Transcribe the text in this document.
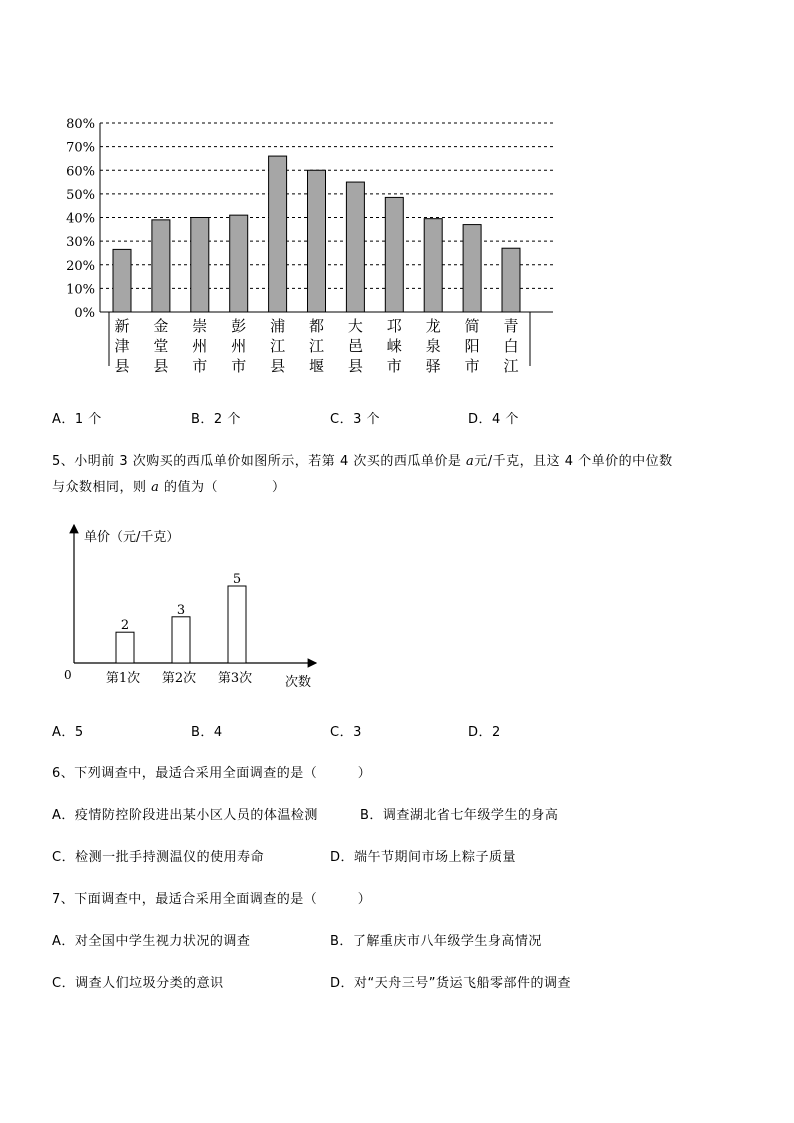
0%
10%
20%
30%
40%
50%
60%
70%
80%
新
津
县
金
堂
县
崇
州
市
彭
州
市
浦
江
县
都
江
堰
大
邑
县
邛
崃
市
龙
泉
驿
简
阳
市
青
白
江
A．1 个	B．2 个	C．3 个	D．4 个
5、小明前 3 次购买的西瓜单价如图所示，若第 4 次买的西瓜单价是 a元/千克，且这 4 个单价的中位数
与众数相同，则 a 的值为（　　　　）
单价（元/千克）
0	次数
2
第1次
3
第2次
5
第3次
A．5	B．4	C．3	D．2
6、下列调查中，最适合采用全面调查的是（　　　）
A．疫情防控阶段进出某小区人员的体温检测	B．调查湖北省七年级学生的身高
C．检测一批手持测温仪的使用寿命	D．端午节期间市场上粽子质量
7、下面调查中，最适合采用全面调查的是（　　　）
A．对全国中学生视力状况的调查	B．了解重庆市八年级学生身高情况
C．调查人们垃圾分类的意识	D．对“天舟三号”货运飞船零部件的调查
